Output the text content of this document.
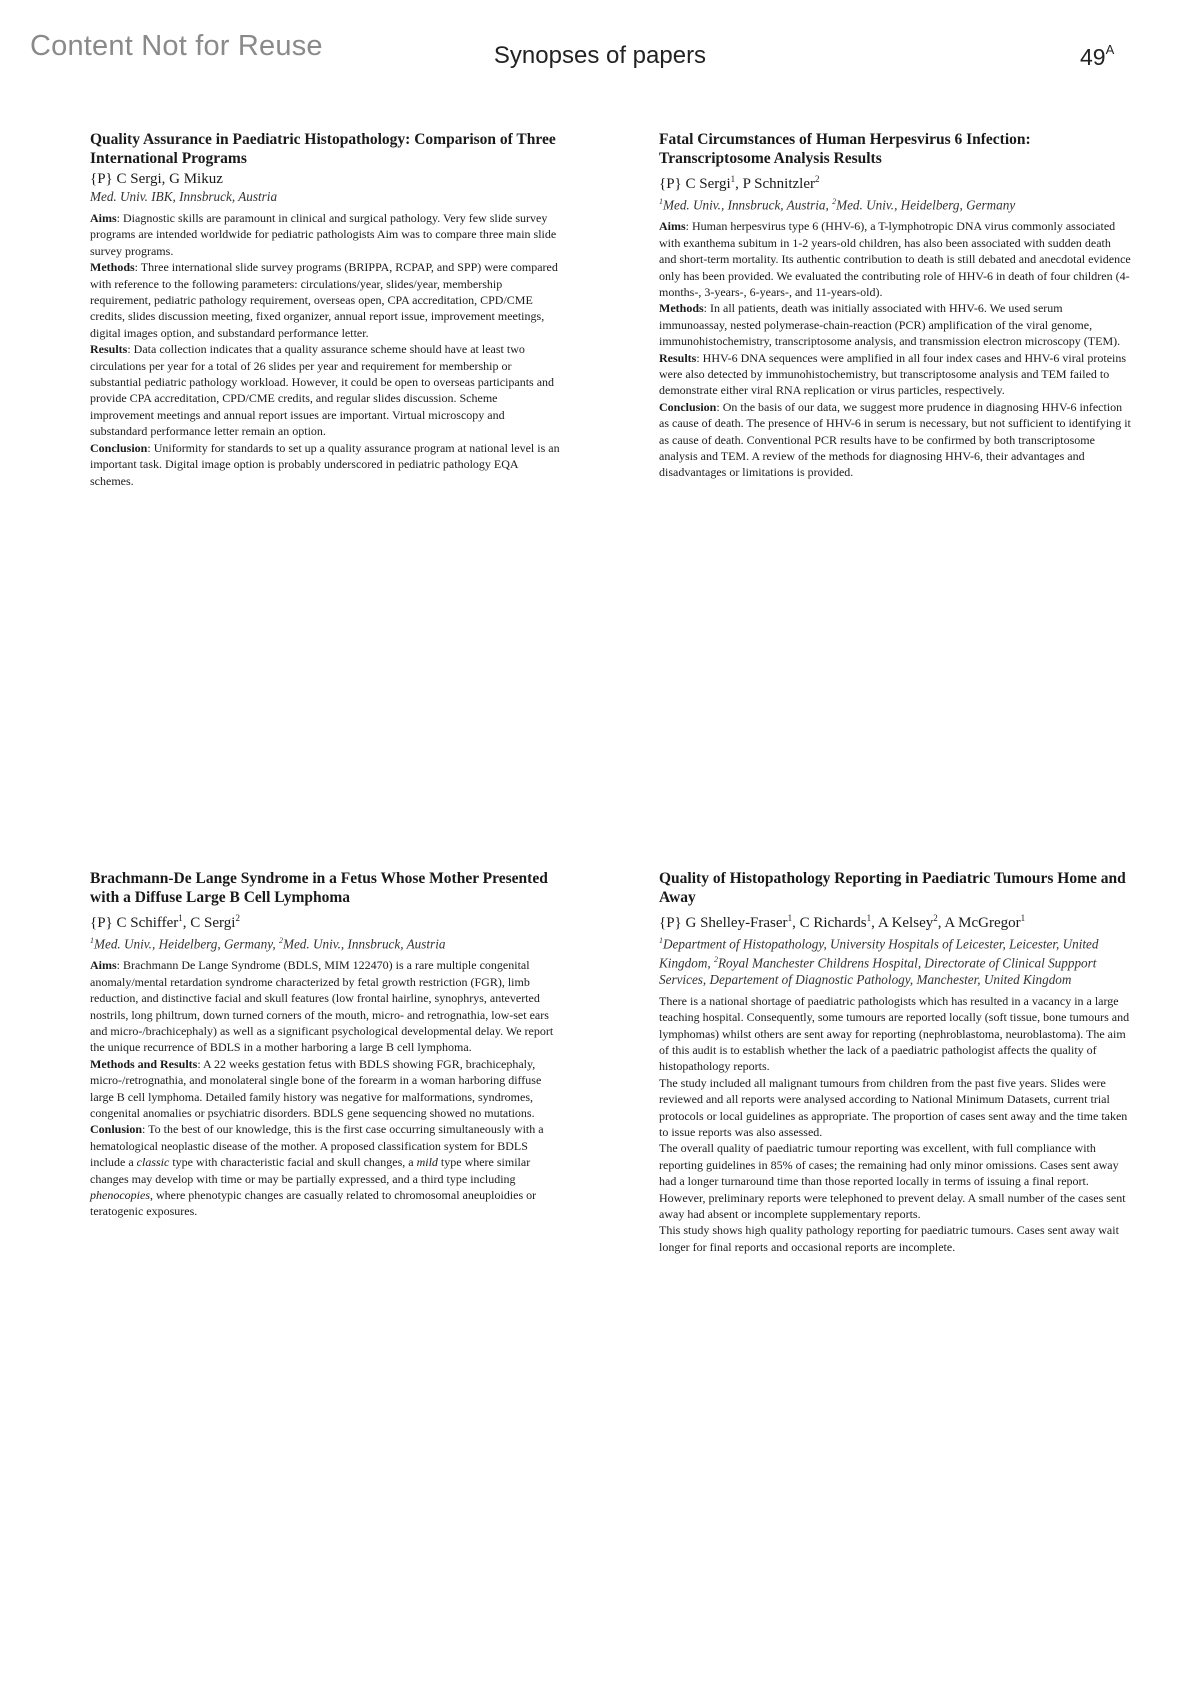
Content Not for Reuse	Synopses of papers	$49^A$
Quality Assurance in Paediatric Histopathology: Comparison of Three International Programs
{P} C Sergi, G Mikuz
Med. Univ. IBK, Innsbruck, Austria

Aims: Diagnostic skills are paramount in clinical and surgical pathology. Very few slide survey programs are intended worldwide for pediatric pathologists Aim was to compare three main slide survey programs.

Methods: Three international slide survey programs (BRIPPA, RCPAP, and SPP) were compared with reference to the following parameters: circulations/year, slides/year, membership requirement, pediatric pathology requirement, overseas open, CPA accreditation, CPD/CME credits, slides discussion meeting, fixed organizer, annual report issue, improvement meetings, digital images option, and substandard performance letter.

Results: Data collection indicates that a quality assurance scheme should have at least two circulations per year for a total of 26 slides per year and requirement for membership or substantial pediatric pathology workload. However, it could be open to overseas participants and provide CPA accreditation, CPD/CME credits, and regular slides discussion. Scheme improvement meetings and annual report issues are important. Virtual microscopy and substandard performance letter remain an option.

Conclusion: Uniformity for standards to set up a quality assurance program at national level is an important task. Digital image option is probably underscored in pediatric pathology EQA schemes.

Fatal Circumstances of Human Herpesvirus 6 Infection: Transcriptosome Analysis Results
{P} C Sergi$^1$, P Schnitzler$^2$
$^1$Med. Univ., Innsbruck, Austria, $^2$Med. Univ., Heidelberg, Germany

Aims: Human herpesvirus type 6 (HHV-6), a T-lymphotropic DNA virus commonly associated with exanthema subitum in 1-2 years-old children, has also been associated with sudden death and short-term mortality. Its authentic contribution to death is still debated and anecdotal evidence only has been provided. We evaluated the contributing role of HHV-6 in death of four children (4-months-, 3-years-, 6-years-, and 11-years-old).

Methods: In all patients, death was initially associated with HHV-6. We used serum immunoassay, nested polymerase-chain-reaction (PCR) amplification of the viral genome, immunohistochemistry, transcriptosome analysis, and transmission electron microscopy (TEM).

Results: HHV-6 DNA sequences were amplified in all four index cases and HHV-6 viral proteins were also detected by immunohistochemistry, but transcriptosome analysis and TEM failed to demonstrate either viral RNA replication or virus particles, respectively.

Conclusion: On the basis of our data, we suggest more prudence in diagnosing HHV-6 infection as cause of death. The presence of HHV-6 in serum is necessary, but not sufficient to identifying it as cause of death. Conventional PCR results have to be confirmed by both transcriptosome analysis and TEM. A review of the methods for diagnosing HHV-6, their advantages and disadvantages or limitations is provided.

Brachmann-De Lange Syndrome in a Fetus Whose Mother Presented with a Diffuse Large B Cell Lymphoma
{P} C Schiffer$^1$, C Sergi$^2$
$^1$Med. Univ., Heidelberg, Germany, $^2$Med. Univ., Innsbruck, Austria

Aims: Brachmann De Lange Syndrome (BDLS, MIM 122470) is a rare multiple congenital anomaly/mental retardation syndrome characterized by fetal growth restriction (FGR), limb reduction, and distinctive facial and skull features (low frontal hairline, synophrys, anteverted nostrils, long philtrum, down turned corners of the mouth, micro- and retrognathia, low-set ears and micro-/brachicephaly) as well as a significant psychological developmental delay. We report the unique recurrence of BDLS in a mother harboring a large B cell lymphoma.

Methods and Results: A 22 weeks gestation fetus with BDLS showing FGR, brachicephaly, micro-/retrognathia, and monolateral single bone of the forearm in a woman harboring diffuse large B cell lymphoma. Detailed family history was negative for malformations, syndromes, congenital anomalies or psychiatric disorders. BDLS gene sequencing showed no mutations.

Conlusion: To the best of our knowledge, this is the first case occurring simultaneously with a hematological neoplastic disease of the mother. A proposed classification system for BDLS include a classic type with characteristic facial and skull changes, a mild type where similar changes may develop with time or may be partially expressed, and a third type including phenocopies, where phenotypic changes are casually related to chromosomal aneuploidies or teratogenic exposures.

Quality of Histopathology Reporting in Paediatric Tumours Home and Away
{P} G Shelley-Fraser$^1$, C Richards$^1$, A Kelsey$^2$, A McGregor$^1$
$^1$Department of Histopathology, University Hospitals of Leicester, Leicester, United Kingdom, $^2$Royal Manchester Childrens Hospital, Directorate of Clinical Suppport Services, Departement of Diagnostic Pathology, Manchester, United Kingdom

There is a national shortage of paediatric pathologists which has resulted in a vacancy in a large teaching hospital. Consequently, some tumours are reported locally (soft tissue, bone tumours and lymphomas) whilst others are sent away for reporting (nephroblastoma, neuroblastoma). The aim of this audit is to establish whether the lack of a paediatric pathologist affects the quality of histopathology reports.

The study included all malignant tumours from children from the past five years. Slides were reviewed and all reports were analysed according to National Minimum Datasets, current trial protocols or local guidelines as appropriate. The proportion of cases sent away and the time taken to issue reports was also assessed.

The overall quality of paediatric tumour reporting was excellent, with full compliance with reporting guidelines in 85% of cases; the remaining had only minor omissions. Cases sent away had a longer turnaround time than those reported locally in terms of issuing a final report. However, preliminary reports were telephoned to prevent delay. A small number of the cases sent away had absent or incomplete supplementary reports.

This study shows high quality pathology reporting for paediatric tumours. Cases sent away wait longer for final reports and occasional reports are incomplete.
